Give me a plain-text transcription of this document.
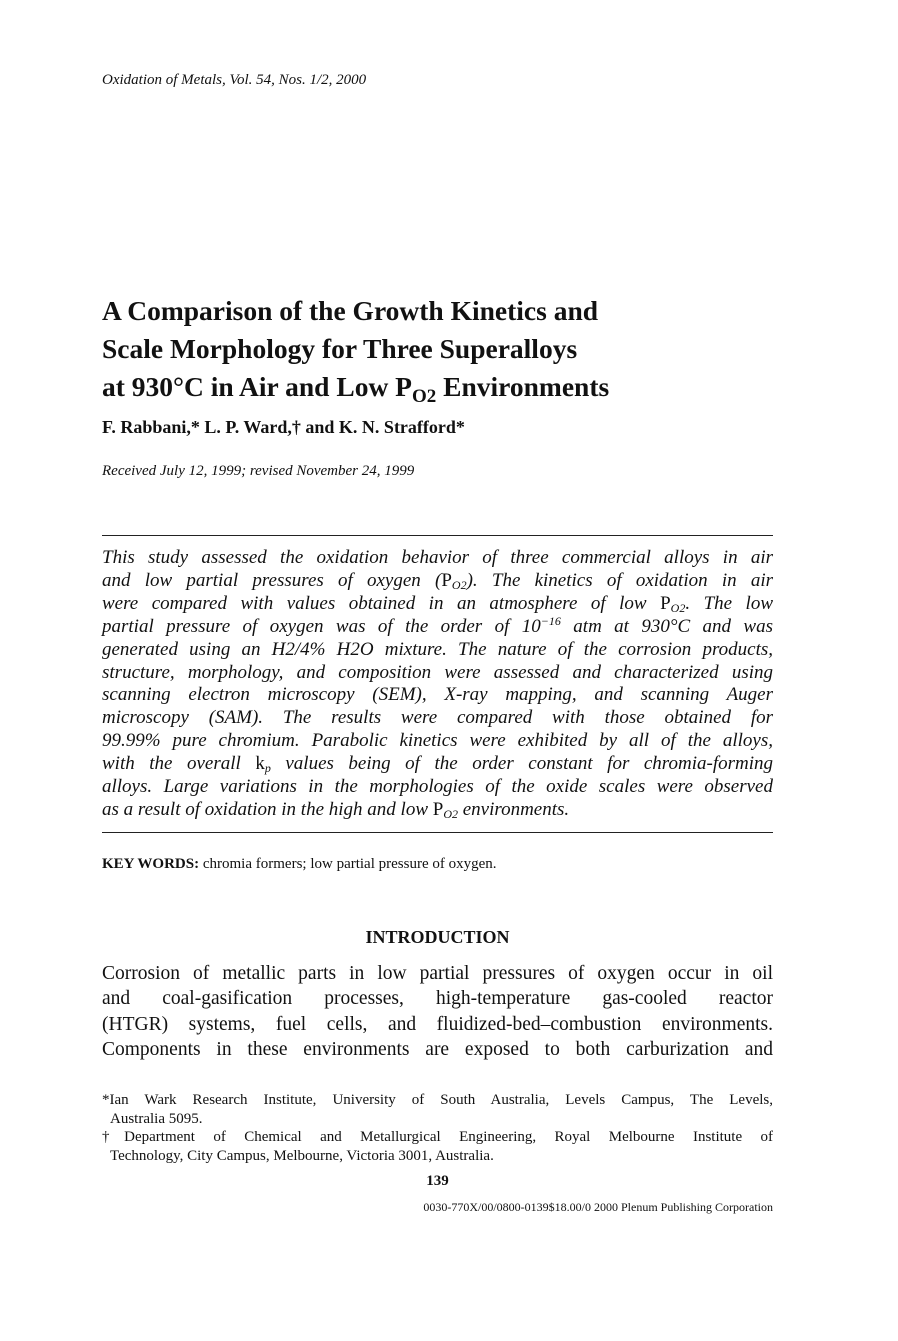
Oxidation of Metals, Vol. 54, Nos. 1/2, 2000
A Comparison of the Growth Kinetics and
Scale Morphology for Three Superalloys
at 930°C in Air and Low $P_{O2}$ Environments
F. Rabbani,* L. P. Ward,† and K. N. Strafford*
Received July 12, 1999; revised November 24, 1999
This study assessed the oxidation behavior of three commercial alloys in air
and low partial pressures of oxygen $(P_{O2})$. The kinetics of oxidation in air
were compared with values obtained in an atmosphere of low $P_{O2}$. The low
partial pressure of oxygen was of the order of $10^{-16}$ atm at 930°C and was
generated using an H2/4% H2O mixture. The nature of the corrosion products,
structure, morphology, and composition were assessed and characterized using
scanning electron microscopy (SEM), X-ray mapping, and scanning Auger
microscopy (SAM). The results were compared with those obtained for
99.99% pure chromium. Parabolic kinetics were exhibited by all of the alloys,
with the overall $k_p$ values being of the order constant for chromia-forming
alloys. Large variations in the morphologies of the oxide scales were observed
as a result of oxidation in the high and low $P_{O2}$ environments.
KEY WORDS: chromia formers; low partial pressure of oxygen.
INTRODUCTION
Corrosion of metallic parts in low partial pressures of oxygen occur in oil
and coal-gasification processes, high-temperature gas-cooled reactor
(HTGR) systems, fuel cells, and fluidized-bed–combustion environments.
Components in these environments are exposed to both carburization and
*Ian Wark Research Institute, University of South Australia, Levels Campus, The Levels,
Australia 5095.
†Department of Chemical and Metallurgical Engineering, Royal Melbourne Institute of
Technology, City Campus, Melbourne, Victoria 3001, Australia.
139
0030-770X/00/0800-0139$18.00/0 2000 Plenum Publishing Corporation
